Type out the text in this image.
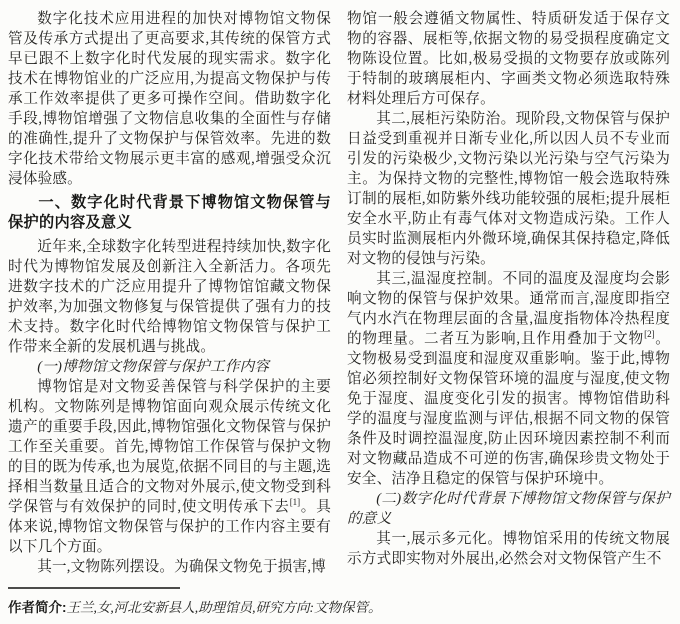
数字化技术应用进程的加快对博物馆文物保管及传承方式提出了更高要求,其传统的保管方式早已跟不上数字化时代发展的现实需求。数字化技术在博物馆业的广泛应用,为提高文物保护与传承工作效率提供了更多可操作空间。借助数字化手段,博物馆增强了文物信息收集的全面性与存储的准确性,提升了文物保护与保管效率。先进的数字化技术带给文物展示更丰富的感观,增强受众沉浸体验感。

一、数字化时代背景下博物馆文物保管与保护的内容及意义

近年来,全球数字化转型进程持续加快,数字化时代为博物馆发展及创新注入全新活力。各项先进数字技术的广泛应用提升了博物馆馆藏文物保护效率,为加强文物修复与保管提供了强有力的技术支持。数字化时代给博物馆文物保管与保护工作带来全新的发展机遇与挑战。

(一)博物馆文物保管与保护工作内容

博物馆是对文物妥善保管与科学保护的主要机构。文物陈列是博物馆面向观众展示传统文化遗产的重要手段,因此,博物馆强化文物保管与保护工作至关重要。首先,博物馆工作保管与保护文物的目的既为传承,也为展览,依据不同目的与主题,选择相当数量且适合的文物对外展示,使文物受到科学保管与有效保护的同时,使文明传承下去[1]。具体来说,博物馆文物保管与保护的工作内容主要有以下几个方面。

其一,文物陈列摆设。为确保文物免于损害,博

物馆一般会遵循文物属性、特质研发适于保存文物的容器、展柜等,依据文物的易受损程度确定文物陈设位置。比如,极易受损的文物要存放或陈列于特制的玻璃展柜内、字画类文物必须选取特殊材料处理后方可保存。

其二,展柜污染防治。现阶段,文物保管与保护日益受到重视并日渐专业化,所以因人员不专业而引发的污染极少,文物污染以光污染与空气污染为主。为保持文物的完整性,博物馆一般会选取特殊订制的展柜,如防紫外线功能较强的展柜;提升展柜安全水平,防止有毒气体对文物造成污染。工作人员实时监测展柜内外微环境,确保其保持稳定,降低对文物的侵蚀与污染。

其三,温湿度控制。不同的温度及湿度均会影响文物的保管与保护效果。通常而言,湿度即指空气内水汽在物理层面的含量,温度指物体冷热程度的物理量。二者互为影响,且作用叠加于文物[2]。文物极易受到温度和湿度双重影响。鉴于此,博物馆必须控制好文物保管环境的温度与湿度,使文物免于湿度、温度变化引发的损害。博物馆借助科学的温度与湿度监测与评估,根据不同文物的保管条件及时调控温湿度,防止因环境因素控制不利而对文物藏品造成不可逆的伤害,确保珍贵文物处于安全、洁净且稳定的保管与保护环境中。

(二)数字化时代背景下博物馆文物保管与保护的意义

其一,展示多元化。博物馆采用的传统文物展示方式即实物对外展出,必然会对文物保管产生不

作者简介:王兰,女,河北安新县人,助理馆员,研究方向:文物保管。
